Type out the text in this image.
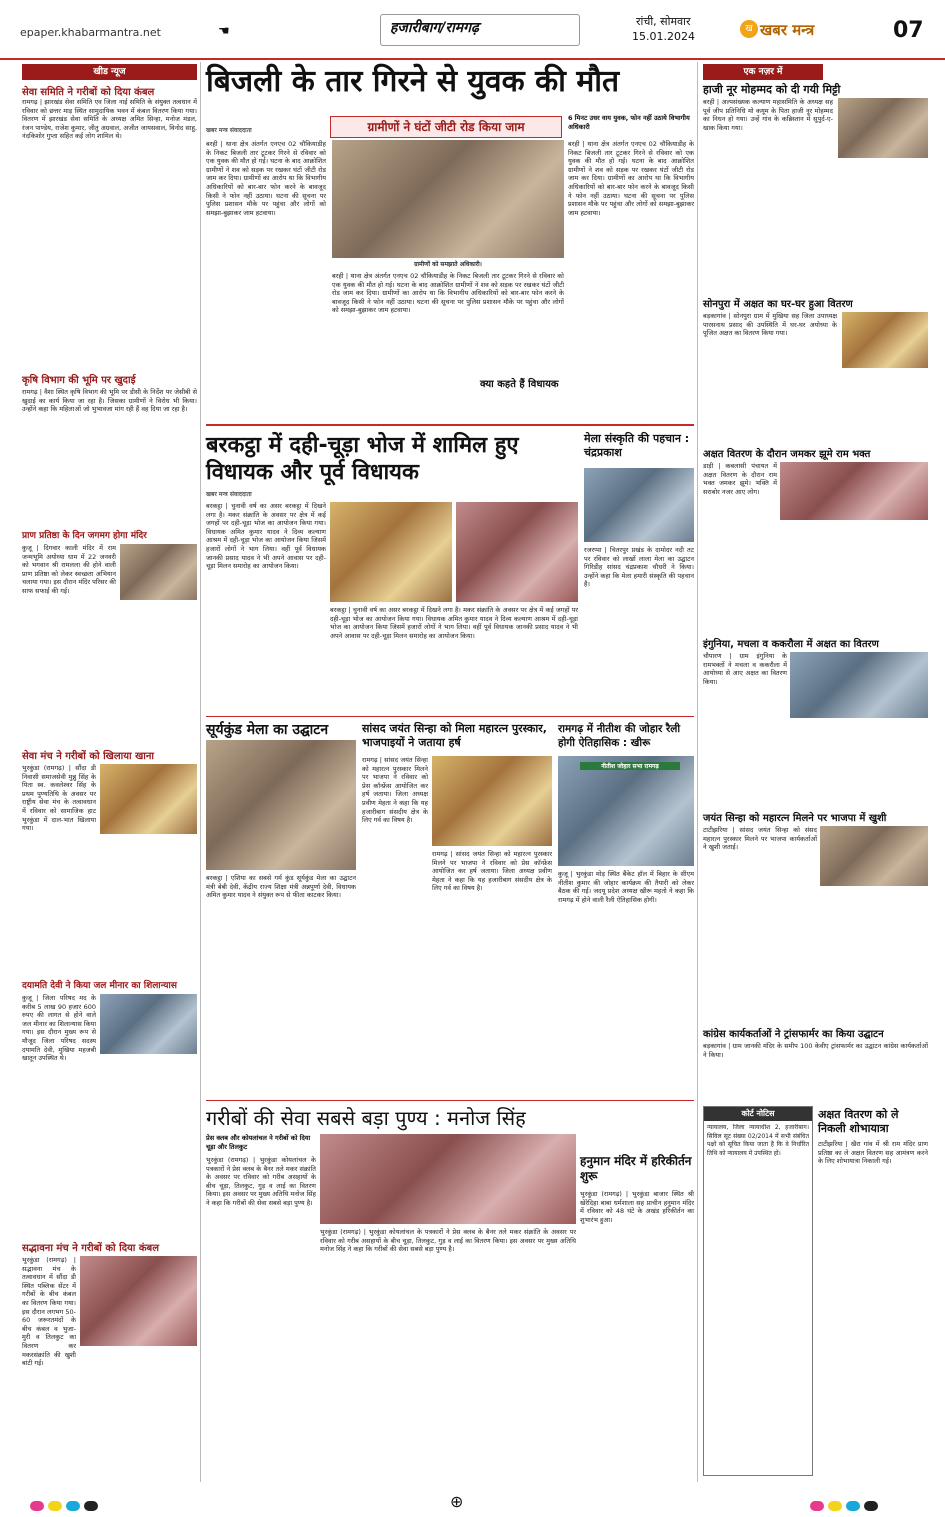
epaper.khabarmantra.net	☚	हजारीबाग/रामगढ़	रांची, सोमवार
15.01.2024
ख खबर मन्त्र	07
खीड न्यूज
सेवा समिति ने गरीबों को दिया कंबल
रामगढ़ | झारखंड सेवा समिति एव जिला नाई समिति के संयुक्त तत्वधान में रविवार को छत्तर माड़ स्थित सामुदायिक भवन में कंबल वितरण किया गया। वितरण में झारखंड सेवा समिति के अध्यक्ष अमित सिन्हा, मनोज मंडल, रंजन पाण्डेय, राजेश कुमार, जीतु अग्रवाल, अजीत जायसवाल, विनोद साहु, नंदकिशोर गुप्ता सहित कई लोग शामिल थे।
कृषि विभाग की भूमि पर खुदाई
रामगढ़ | वैशा स्थित कृषि विभाग की भूमि पर डीसी के निर्देश पर जेसीबी से खुदाई का कार्य किया जा रहा है। जिसका ग्रामीणों ने विरोध भी किया। उन्होंने कहा कि महिलाओं जो भुभावजा मांग रही हैं वह दिया जा रहा है।
प्राण प्रतिष्ठा के दिन जगमग होगा मंदिर
कुजू | दिगवार काली मंदिर में राम जन्मभूमि अयोध्या धाम में 22 जनवरी को भगवान श्री रामलला की होने वाली प्राण प्रतिष्ठा को लेकर स्वच्छता अभियान चलाया गया। इस दौरान मंदिर परिसर की साफ सफाई की गई।
सेवा मंच ने गरीबों को खिलाया खाना
भुरकुंडा (रामगढ़) | सौंदा डी निवासी समाजसेवी मुन्नु सिंह के पिता स्व. कवलेश्वर सिंह के प्रथम पुण्यतिथि के अवसर पर राष्ट्रीय सेवा मंच के तत्वावधान में रविवार को सामाजिक हाट भुरकुंडा में दाल-भात खिलाया गया।
दयामति देवी ने किया जल मीनार का शिलान्यास
कुजू | जिला परिषद मद के करीब 5 लाख 90 हजार 600 रुपए की लागत से होने वाले जल मीनार का शिलान्यास किया गया। इस दौरान मुख्य रूप से मौजूद जिला परिषद सदस्य दयामति देवी, मुखिया महजबी खातून उपस्थित थे।
सद्भावना मंच ने गरीबों को दिया कंबल
भुरकुंडा (रामगढ़) | सद्भावना मंच के तत्वावधान में सौंदा डी स्थित पब्लिक सेंटर में गरीबों के बीच कंबल का वितरण किया गया। इस दौरान लगभग 50-60 जरूरतमंदों के बीच कंबल व भुजा-मुरी व तिलकुट का वितरण कर मकरसंक्रांति की खुशी बांटी गई।
बिजली के तार गिरने से युवक की मौत
ग्रामीणों ने घंटों जीटी रोड किया जाम
6 मिनट उधर वाय युवक, फोन नहीं उठाये विभागीय अधिकारी
खबर मन्त्र संवाददाता
बरही | थाना क्षेत्र अंतर्गत एनएच 02 चौकियाडीह के निकट बिजली तार टूटकर गिरने से रविवार को एक युवक की मौत हो गई। घटना के बाद आक्रोशित ग्रामीणों ने शव को सड़क पर रखकर घंटों जीटी रोड जाम कर दिया। ग्रामीणों का आरोप था कि विभागीय अधिकारियों को बार-बार फोन करने के बावजूद किसी ने फोन नहीं उठाया। घटना की सूचना पर पुलिस प्रशासन मौके पर पहुंचा और लोगों को समझा-बुझाकर जाम हटवाया।
ग्रामीणों को समझाते अधिकारी।
बरही | थाना क्षेत्र अंतर्गत एनएच 02 चौकियाडीह के निकट बिजली तार टूटकर गिरने से रविवार को एक युवक की मौत हो गई। घटना के बाद आक्रोशित ग्रामीणों ने शव को सड़क पर रखकर घंटों जीटी रोड जाम कर दिया। ग्रामीणों का आरोप था कि विभागीय अधिकारियों को बार-बार फोन करने के बावजूद किसी ने फोन नहीं उठाया। घटना की सूचना पर पुलिस प्रशासन मौके पर पहुंचा और लोगों को समझा-बुझाकर जाम हटवाया।
क्या कहते हैं विधायक
बरही | थाना क्षेत्र अंतर्गत एनएच 02 चौकियाडीह के निकट बिजली तार टूटकर गिरने से रविवार को एक युवक की मौत हो गई। घटना के बाद आक्रोशित ग्रामीणों ने शव को सड़क पर रखकर घंटों जीटी रोड जाम कर दिया। ग्रामीणों का आरोप था कि विभागीय अधिकारियों को बार-बार फोन करने के बावजूद किसी ने फोन नहीं उठाया। घटना की सूचना पर पुलिस प्रशासन मौके पर पहुंचा और लोगों को समझा-बुझाकर जाम हटवाया।
बरकट्ठा में दही-चूड़ा भोज में शामिल हुए विधायक और पूर्व विधायक
खबर मन्त्र संवाददाता
बरकट्ठा | चुनावी वर्ष का असर बरकट्ठा में दिखने लगा है। मकर संक्रांति के अवसर पर क्षेत्र में कई जगहों पर दही-चूड़ा भोज का आयोजन किया गया। विधायक अमित कुमार यादव ने दिव्य कल्याण आश्रम में दही-चूड़ा भोज का आयोजन किया जिसमें हजारों लोगों ने भाग लिया। वहीं पूर्व विधायक जानकी प्रसाद यादव ने भी अपने आवास पर दही-चूड़ा मिलन समारोह का आयोजन किया।
बरकट्ठा | चुनावी वर्ष का असर बरकट्ठा में दिखने लगा है। मकर संक्रांति के अवसर पर क्षेत्र में कई जगहों पर दही-चूड़ा भोज का आयोजन किया गया। विधायक अमित कुमार यादव ने दिव्य कल्याण आश्रम में दही-चूड़ा भोज का आयोजन किया जिसमें हजारों लोगों ने भाग लिया। वहीं पूर्व विधायक जानकी प्रसाद यादव ने भी अपने आवास पर दही-चूड़ा मिलन समारोह का आयोजन किया।
मेला संस्कृति की पहचान : चंद्रप्रकाश
रजरप्पा | चितरपुर प्रखंड के दामोदर नदी तट पर रविवार को लाखों लाला मेला का उद्घाटन गिरिडीह सांसद चंद्रप्रकाश चौधरी ने किया। उन्होंने कहा कि मेला हमारी संस्कृति की पहचान है।
सूर्यकुंड मेला का उद्घाटन
बरकट्ठा | एशिया का सबसे गर्म कुंड सूर्यकुंड मेला का उद्घाटन मंत्री बेबी देवी, केंद्रीय राज्य शिक्षा मंत्री अन्नपूर्णा देवी, विधायक अमित कुमार यादव ने संयुक्त रूप से फीता काटकर किया।
सांसद जयंत सिन्हा को मिला महारत्न पुरस्कार, भाजपाइयों ने जताया हर्ष
रामगढ़ | सांसद जयंत सिन्हा को महारत्न पुरस्कार मिलने पर भाजपा ने रविवार को प्रेस कॉन्फ्रेंस आयोजित कर हर्ष जताया। जिला अध्यक्ष प्रवीण मेहता ने कहा कि यह हजारीबाग संसदीय क्षेत्र के लिए गर्व का विषय है।
रामगढ़ | सांसद जयंत सिन्हा को महारत्न पुरस्कार मिलने पर भाजपा ने रविवार को प्रेस कॉन्फ्रेंस आयोजित कर हर्ष जताया। जिला अध्यक्ष प्रवीण मेहता ने कहा कि यह हजारीबाग संसदीय क्षेत्र के लिए गर्व का विषय है।
रामगढ़ में नीतीश की जोहार रैली होगी ऐतिहासिक : खीरू
नीतीश जोहार सभा रामगढ़
कुजू | भुरकुंडा मोड़ स्थित बैंकेट हॉल में बिहार के सीएम नीतीश कुमार की जोहार कार्यक्रम की तैयारी को लेकर बैठक की गई। जदयू प्रदेश अध्यक्ष खीरू महतो ने कहा कि रामगढ़ में होने वाली रैली ऐतिहासिक होगी।
गरीबों की सेवा सबसे बड़ा पुण्य : मनोज सिंह
प्रेस क्लब और कोयलांचल ने गरीबों को दिया चूड़ा और तिलकुट
भुरकुंडा (रामगढ़) | भुरकुंडा कोयलांचल के पत्रकारों ने प्रेस क्लब के बैनर तले मकर संक्रांति के अवसर पर रविवार को गरीब असहायों के बीच चूड़ा, तिलकुट, गुड़ व लाई का वितरण किया। इस अवसर पर मुख्य अतिथि मनोज सिंह ने कहा कि गरीबों की सेवा सबसे बड़ा पुण्य है।
भुरकुंडा (रामगढ़) | भुरकुंडा कोयलांचल के पत्रकारों ने प्रेस क्लब के बैनर तले मकर संक्रांति के अवसर पर रविवार को गरीब असहायों के बीच चूड़ा, तिलकुट, गुड़ व लाई का वितरण किया। इस अवसर पर मुख्य अतिथि मनोज सिंह ने कहा कि गरीबों की सेवा सबसे बड़ा पुण्य है।
हनुमान मंदिर में हरिकीर्तन शुरू
भुरकुंडा (रामगढ़) | भुरकुंडा बाजार स्थित श्री खेरेदिहा बाबा धर्मशाला सह प्राचीन हनुमान मंदिर में रविवार को 48 घंटे के अखंड हरिकीर्तन का शुभारंभ हुआ।
एक नज़र में
हाजी नूर मोहम्मद को दी गयी मिट्टी
बरही | अल्पसंख्यक कल्याण महासमिति के अध्यक्ष सह पूर्व जीप प्रतिनिधि मो कयूम के पिता हाजी नूर मोहम्मद का निधन हो गया। उन्हें गांव के कब्रिस्तान में सुपुर्द-ए-खाक किया गया।
सोनपुरा में अक्षत का घर-घर हुआ वितरण
बड़कागांव | सोनपुरा ग्राम में मुखिया सह जिला उपाध्यक्ष पारसनाथ प्रसाद की उपस्थिति में घर-घर अयोध्या के पूजित अक्षत का वितरण किया गया।
अक्षत वितरण के दौरान जमकर झूमे राम भक्त
डाड़ी | कबलासी पंचायत में अक्षत वितरण के दौरान राम भक्त जमकर झूमे। भक्ति में सराबोर नजर आए लोग।
इंगुनिया, मचला व ककरौला में अक्षत का वितरण
चौपारण | ग्राम इंगुनिया के रामभक्तों ने मचला व ककरौला में आयोध्या से आए अक्षत का वितरण किया।
जयंत सिन्हा को महारत्न मिलने पर भाजपा में खुशी
टाटीझरिया | सांसद जयंत सिन्हा को संसद महारत्न पुरस्कार मिलने पर भाजपा कार्यकर्ताओं ने खुशी जताई।
कांग्रेस कार्यकर्ताओं ने ट्रांसफार्मर का किया उद्घाटन
बड़कागांव | ग्राम जानकी मंदिर के समीप 100 केवीए ट्रांसफार्मर का उद्घाटन कांग्रेस कार्यकर्ताओं ने किया।
कोर्ट नोटिस
न्यायालय, जिला न्यायाधीश 2, हजारीबाग। सिविल सूट संख्या 02/2014 में सभी संबंधित पक्षों को सूचित किया जाता है कि वे निर्धारित तिथि को न्यायालय में उपस्थित हों।
अक्षत वितरण को ले निकली शोभायात्रा
टाटीझरिया | खैरा गांव में श्री राम मंदिर प्राण प्रतिष्ठा का ले अक्षत वितरण सह आमंत्रण करने के लिए शोभायात्रा निकाली गई।
⊕
